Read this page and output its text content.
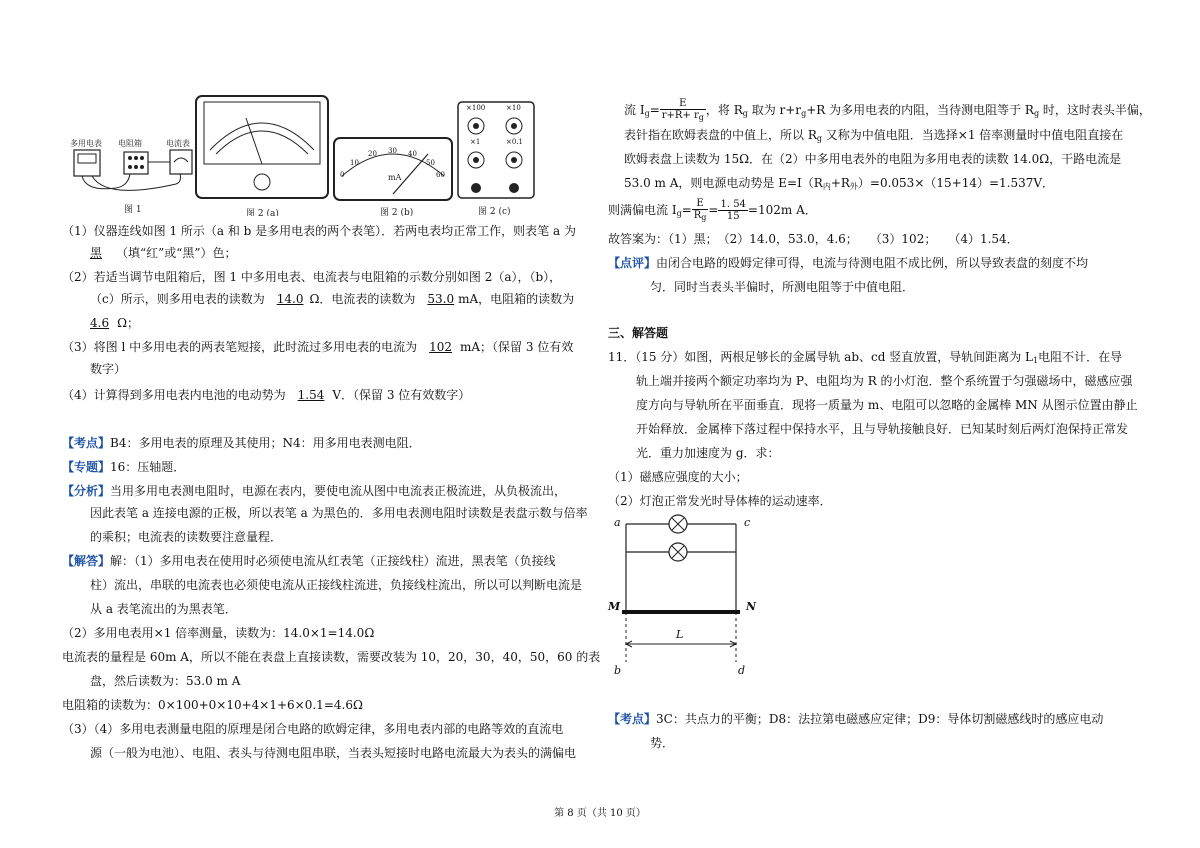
多用电表 电阻箱	电流表
图 1	图 2 (a)
mA
图 2 (b)
0
10
20 30 40
50
60
图 2 (c)
×100	×10
×1	×0.1
（1）仪器连线如图 1 所示（a 和 b 是多用电表的两个表笔）．若两电表均正常工作，则表笔 a 为
黑 （填“红”或“黑”）色；
（2）若适当调节电阻箱后，图 1 中多用电表、电流表与电阻箱的示数分别如图 2（a），（b），
（c）所示，则多用电表的读数为 14.0 Ω．电流表的读数为 53.0 mA，电阻箱的读数为
4.6 Ω；
（3）将图 l 中多用电表的两表笔短接，此时流过多用电表的电流为 102 mA；（保留 3 位有效
数字）
（4）计算得到多用电表内电池的电动势为 1.54 V．（保留 3 位有效数字）
【考点】B4：多用电表的原理及其使用；N4：用多用电表测电阻．
【专题】16：压轴题．
【分析】当用多用电表测电阻时，电源在表内，要使电流从图中电流表正极流进，从负极流出，
因此表笔 a 连接电源的正极，所以表笔 a 为黑色的．多用电表测电阻时读数是表盘示数与倍率
的乘积；电流表的读数要注意量程．
【解答】解：（1）多用电表在使用时必须使电流从红表笔（正接线柱）流进，黑表笔（负接线
柱）流出，串联的电流表也必须使电流从正接线柱流进，负接线柱流出，所以可以判断电流是
从 a 表笔流出的为黑表笔．
（2）多用电表用×1 倍率测量，读数为：14.0×1=14.0Ω
电流表的量程是 60m A，所以不能在表盘上直接读数，需要改装为 10，20，30，40，50，60 的表
盘，然后读数为：53.0 m A
电阻箱的读数为：0×100+0×10+4×1+6×0.1=4.6Ω
（3）（4）多用电表测量电阻的原理是闭合电路的欧姆定律，多用电表内部的电路等效的直流电
源（一般为电池）、电阻、表头与待测电阻串联，当表头短接时电路电流最大为表头的满偏电
流 $I_g= \frac{E}{r+R+ r_g}$ ，将 $R_g$ 取为 $r+r_g+R$ 为多用电表的内阻，当待测电阻等于 $R_g$ 时，这时表头半偏，
表针指在欧姆表盘的中值上，所以 $R_g$ 又称为中值电阻．当选择×1 倍率测量时中值电阻直接在
欧姆表盘上读数为 15Ω．在（2）中多用电表外的电阻为多用电表的读数 14.0Ω，干路电流是
53.0 m A，则电源电动势是 $E=I(R_内+R_外)=0.053\times(15+14)=1.537V$．
则满偏电流 $I_g= \frac{E}{R_g} = \frac{1. 54}{15} =102m$ A．
故答案为：（1）黑；　（2）14.0，53.0，4.6；　　（3）102；　　（4）1.54．
【点评】由闭合电路的殴姆定律可得，电流与待测电阻不成比例，所以导致表盘的刻度不均
匀．同时当表头半偏时，所测电阻等于中值电阻．
三、解答题
11．（15 分）如图，两根足够长的金属导轨 ab、cd 竖直放置，导轨间距离为 $L_1$电阻不计．在导
轨上端并接两个额定功率均为 P、电阻均为 R 的小灯泡．整个系统置于匀强磁场中，磁感应强
度方向与导轨所在平面垂直．现将一质量为 m、电阻可以忽略的金属棒 MN 从图示位置由静止
开始释放．金属棒下落过程中保持水平，且与导轨接触良好．已知某时刻后两灯泡保持正常发
光．重力加速度为 g．求：
（1）磁感应强度的大小；
（2）灯泡正常发光时导体棒的运动速率．
【考点】3C：共点力的平衡；D8：法拉第电磁感应定律；D9：导体切割磁感线时的感应电动
势．
a	c
M	N
L
b	d
第 8 页（共 10 页）
